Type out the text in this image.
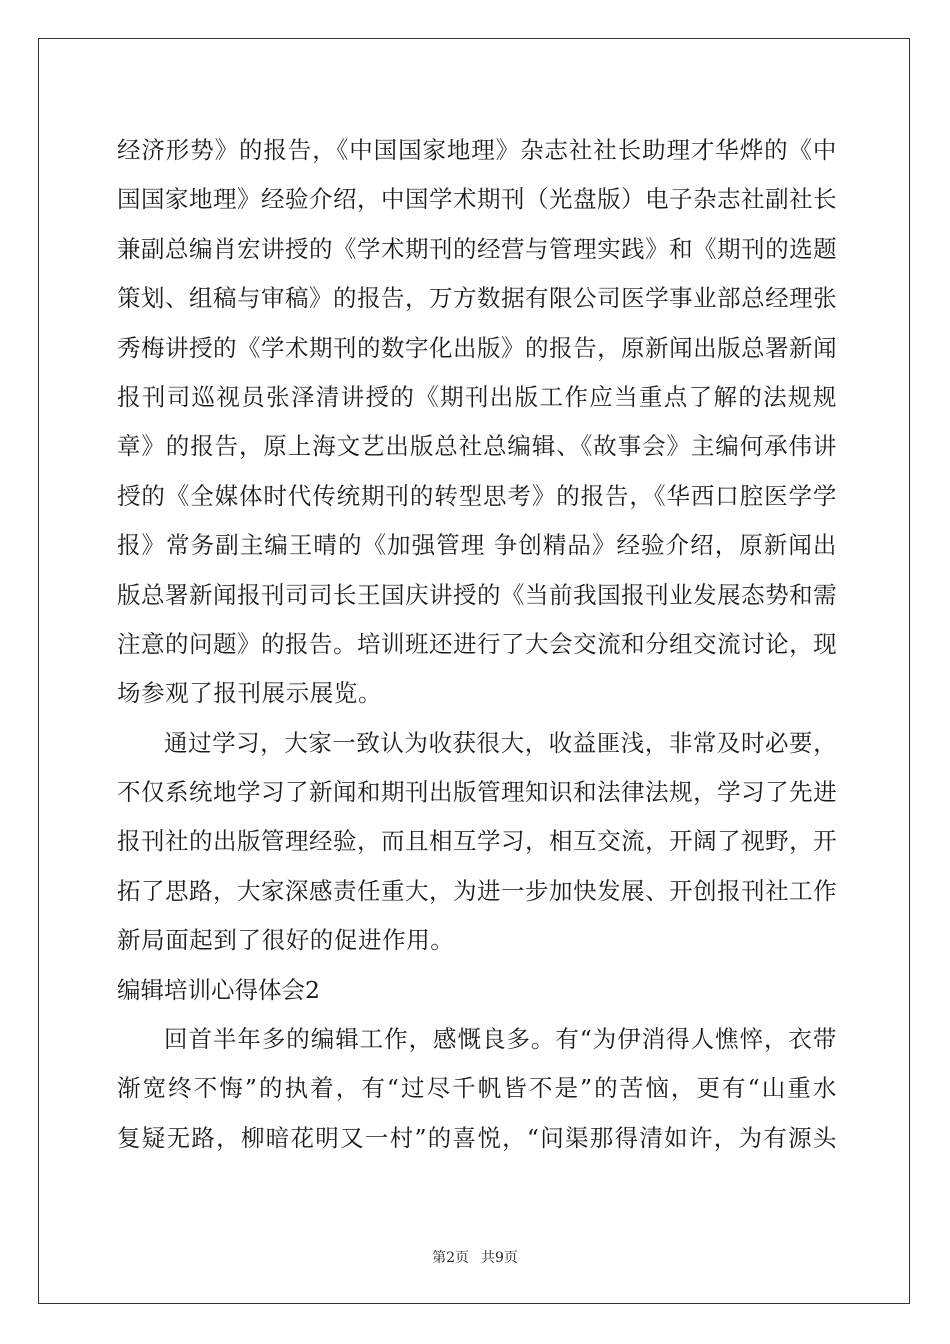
经济形势》的报告，《中国国家地理》杂志社社长助理才华烨的《中
国国家地理》经验介绍，中国学术期刊（光盘版）电子杂志社副社长
兼副总编肖宏讲授的《学术期刊的经营与管理实践》和《期刊的选题
策划、组稿与审稿》的报告，万方数据有限公司医学事业部总经理张
秀梅讲授的《学术期刊的数字化出版》的报告，原新闻出版总署新闻
报刊司巡视员张泽清讲授的《期刊出版工作应当重点了解的法规规
章》的报告，原上海文艺出版总社总编辑、《故事会》主编何承伟讲
授的《全媒体时代传统期刊的转型思考》的报告，《华西口腔医学学
报》常务副主编王晴的《加强管理 争创精品》经验介绍，原新闻出
版总署新闻报刊司司长王国庆讲授的《当前我国报刊业发展态势和需
注意的问题》的报告。培训班还进行了大会交流和分组交流讨论，现
场参观了报刊展示展览。
通过学习，大家一致认为收获很大，收益匪浅，非常及时必要，
不仅系统地学习了新闻和期刊出版管理知识和法律法规，学习了先进
报刊社的出版管理经验，而且相互学习，相互交流，开阔了视野，开
拓了思路，大家深感责任重大，为进一步加快发展、开创报刊社工作
新局面起到了很好的促进作用。
编辑培训心得体会2
回首半年多的编辑工作，感慨良多。有“为伊消得人憔悴，衣带
渐宽终不悔”的执着，有“过尽千帆皆不是”的苦恼，更有“山重水
复疑无路，柳暗花明又一村”的喜悦，“问渠那得清如许，为有源头
第2页 共9页
